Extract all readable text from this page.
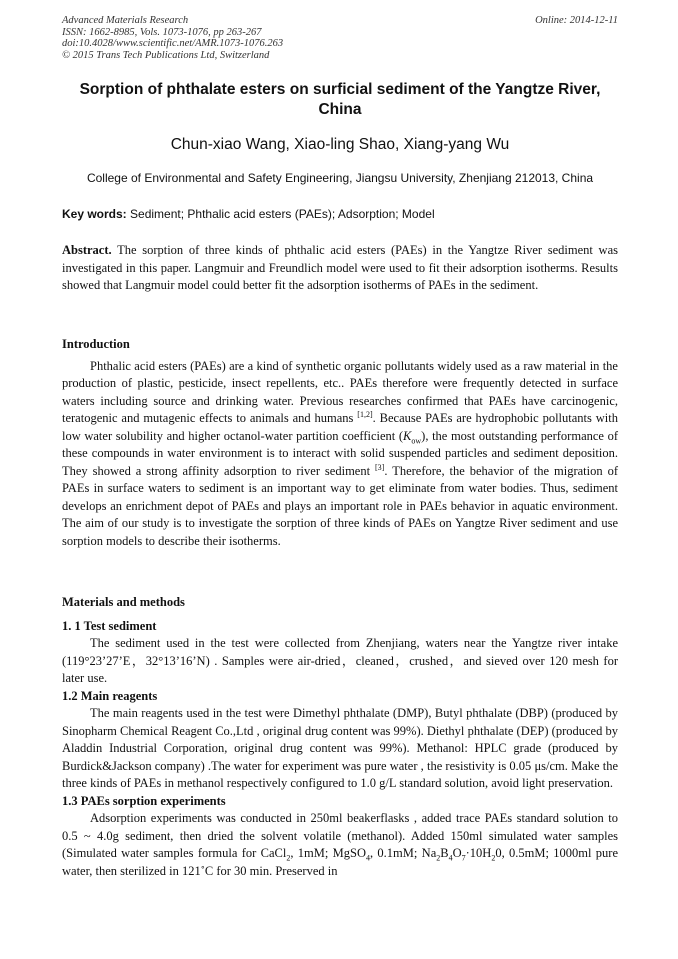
Advanced Materials Research
ISSN: 1662-8985, Vols. 1073-1076, pp 263-267
doi:10.4028/www.scientific.net/AMR.1073-1076.263
© 2015 Trans Tech Publications Ltd, Switzerland
Online: 2014-12-11
Sorption of phthalate esters on surficial sediment of the Yangtze River, China
Chun-xiao Wang, Xiao-ling Shao, Xiang-yang Wu
College of Environmental and Safety Engineering, Jiangsu University, Zhenjiang 212013, China
Key words: Sediment; Phthalic acid esters (PAEs); Adsorption; Model

Abstract. The sorption of three kinds of phthalic acid esters (PAEs) in the Yangtze River sediment was investigated in this paper. Langmuir and Freundlich model were used to fit their adsorption isotherms. Results showed that Langmuir model could better fit the adsorption isotherms of PAEs in the sediment.

Introduction

Phthalic acid esters (PAEs) are a kind of synthetic organic pollutants widely used as a raw material in the production of plastic, pesticide, insect repellents, etc.. PAEs therefore were frequently detected in surface waters including source and drinking water. Previous researches confirmed that PAEs have carcinogenic, teratogenic and mutagenic effects to animals and humans [1,2]. Because PAEs are hydrophobic pollutants with low water solubility and higher octanol-water partition coefficient $(K_{ow})$, the most outstanding performance of these compounds in water environment is to interact with solid suspended particles and sediment deposition. They showed a strong affinity adsorption to river sediment [3]. Therefore, the behavior of the migration of PAEs in surface waters to sediment is an important way to get eliminate from water bodies. Thus, sediment develops an enrichment depot of PAEs and plays an important role in PAEs behavior in aquatic environment. The aim of our study is to investigate the sorption of three kinds of PAEs on Yangtze River sediment and use sorption models to describe their isotherms.

Materials and methods

1. 1 Test sediment

The sediment used in the test were collected from Zhenjiang, waters near the Yangtze river intake (119°23’27’E，32°13’16’N) . Samples were air-dried，cleaned，crushed，and sieved over 120 mesh for later use.

1.2 Main reagents

The main reagents used in the test were Dimethyl phthalate (DMP), Butyl phthalate (DBP) (produced by Sinopharm Chemical Reagent Co.,Ltd , original drug content was 99%). Diethyl phthalate (DEP) (produced by Aladdin Industrial Corporation, original drug content was 99%). Methanol: HPLC grade (produced by Burdick&Jackson company) .The water for experiment was pure water , the resistivity is 0.05 μs/cm. Make the three kinds of PAEs in methanol respectively configured to 1.0 g/L standard solution, avoid light preservation.

1.3 PAEs sorption experiments

Adsorption experiments was conducted in 250ml beakerflasks , added trace PAEs standard solution to 0.5 ~ 4.0g sediment, then dried the solvent volatile (methanol). Added 150ml simulated water samples (Simulated water samples formula for CaCl$_2$, 1mM; MgSO$_4$, 0.1mM; $Na_2B_4O_7\cdot 10H_20$, 0.5mM; 1000ml pure water, then sterilized in 121˚C for 30 min. Preserved in
